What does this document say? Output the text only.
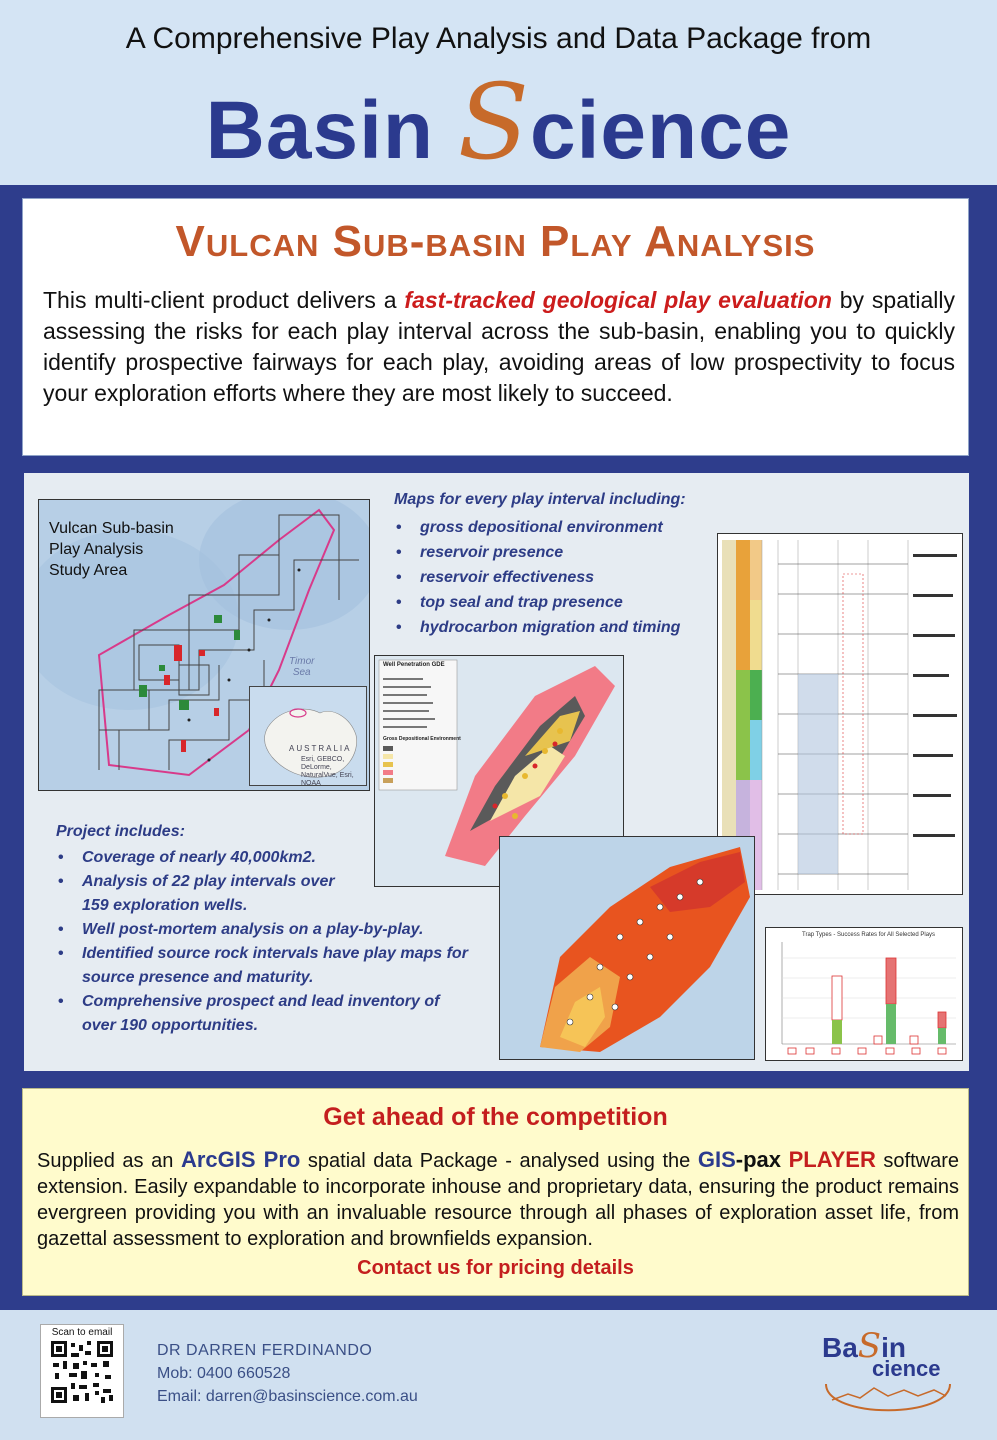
A Comprehensive Play Analysis and Data Package from
Basin Science
Vulcan Sub-basin Play Analysis
This multi-client product delivers a fast-tracked geological play evaluation by spatially assessing the risks for each play interval across the sub-basin, enabling you to quickly identify prospective fairways for each play, avoiding areas of low prospectivity to focus your exploration efforts where they are most likely to succeed.
Vulcan Sub-basin
Play Analysis
Study Area
Timor
Sea
AUSTRALIA
Esri, GEBCO, DeLorme, NaturalVue, Esri, NOAA
Maps for every play interval including:
• gross depositional environment
• reservoir presence
• reservoir effectiveness
• top seal and trap presence
• hydrocarbon migration and timing
Well Penetration GDE
Gross Depositional Environment
Trap Types - Success Rates for All Selected Plays
Project includes:
• Coverage of nearly 40,000km2.
• Analysis of 22 play intervals over 159 exploration wells.
• Well post-mortem analysis on a play-by-play.
• Identified source rock intervals have play maps for source presence and maturity.
• Comprehensive prospect and lead inventory of over 190 opportunities.
Get ahead of the competition
Supplied as an ArcGIS Pro spatial data Package - analysed using the GIS-pax PLAYER software extension. Easily expandable to incorporate inhouse and proprietary data, ensuring the product remains evergreen providing you with an invaluable resource through all phases of exploration asset life, from gazettal assessment to exploration and brownfields expansion.
Contact us for pricing details
Scan to email
DR DARREN FERDINANDO
Mob: 0400 660528
Email: darren@basinscience.com.au
BaSin
cience
